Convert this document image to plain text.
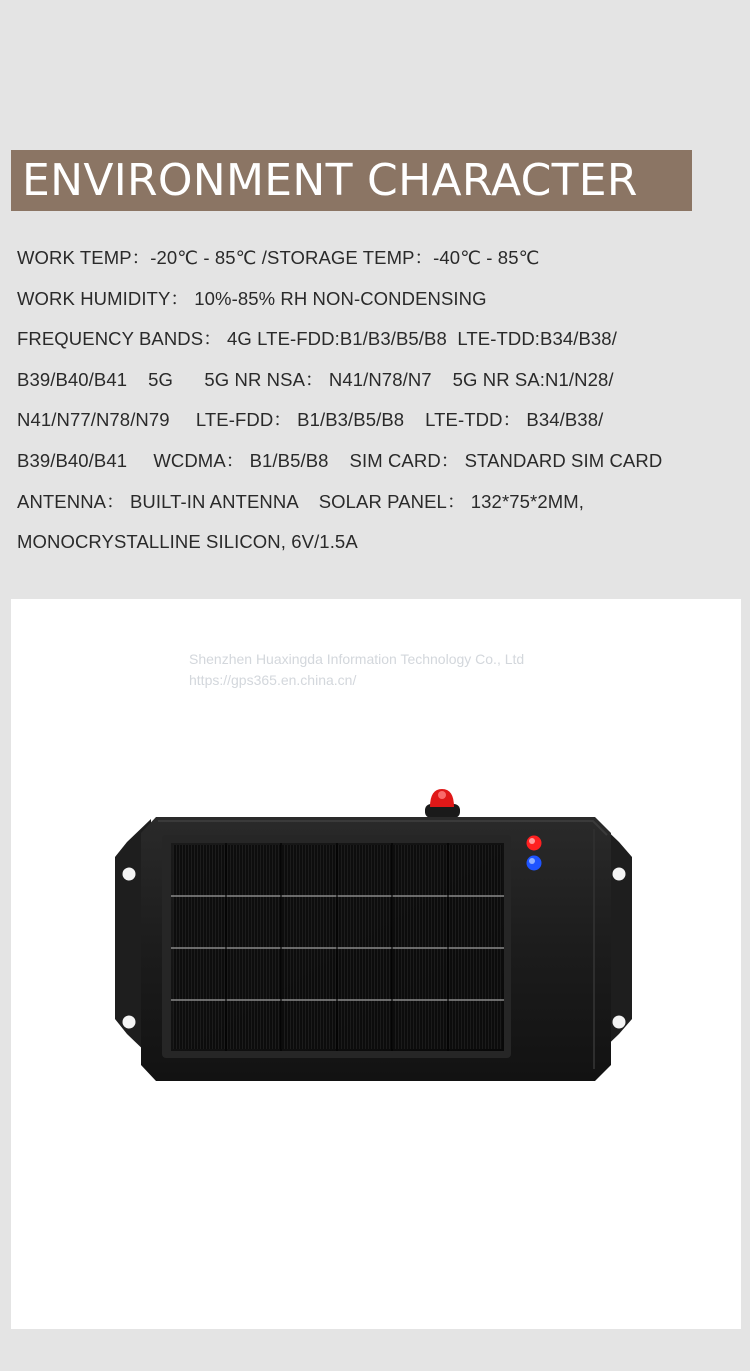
ENVIRONMENT CHARACTER
WORK TEMP：-20℃ - 85℃ /STORAGE TEMP：-40℃ - 85℃
WORK HUMIDITY： 10%-85% RH NON-CONDENSING
FREQUENCY BANDS： 4G LTE-FDD:B1/B3/B5/B8  LTE-TDD:B34/B38/
B39/B40/B41    5G      5G NR NSA： N41/N78/N7    5G NR SA:N1/N28/
N41/N77/N78/N79     LTE-FDD： B1/B3/B5/B8    LTE-TDD： B34/B38/
B39/B40/B41     WCDMA： B1/B5/B8    SIM CARD： STANDARD SIM CARD
ANTENNA： BUILT-IN ANTENNA    SOLAR PANEL： 132*75*2MM,
MONOCRYSTALLINE SILICON, 6V/1.5A
Shenzhen Huaxingda Information Technology Co., Ltd
https://gps365.en.china.cn/
